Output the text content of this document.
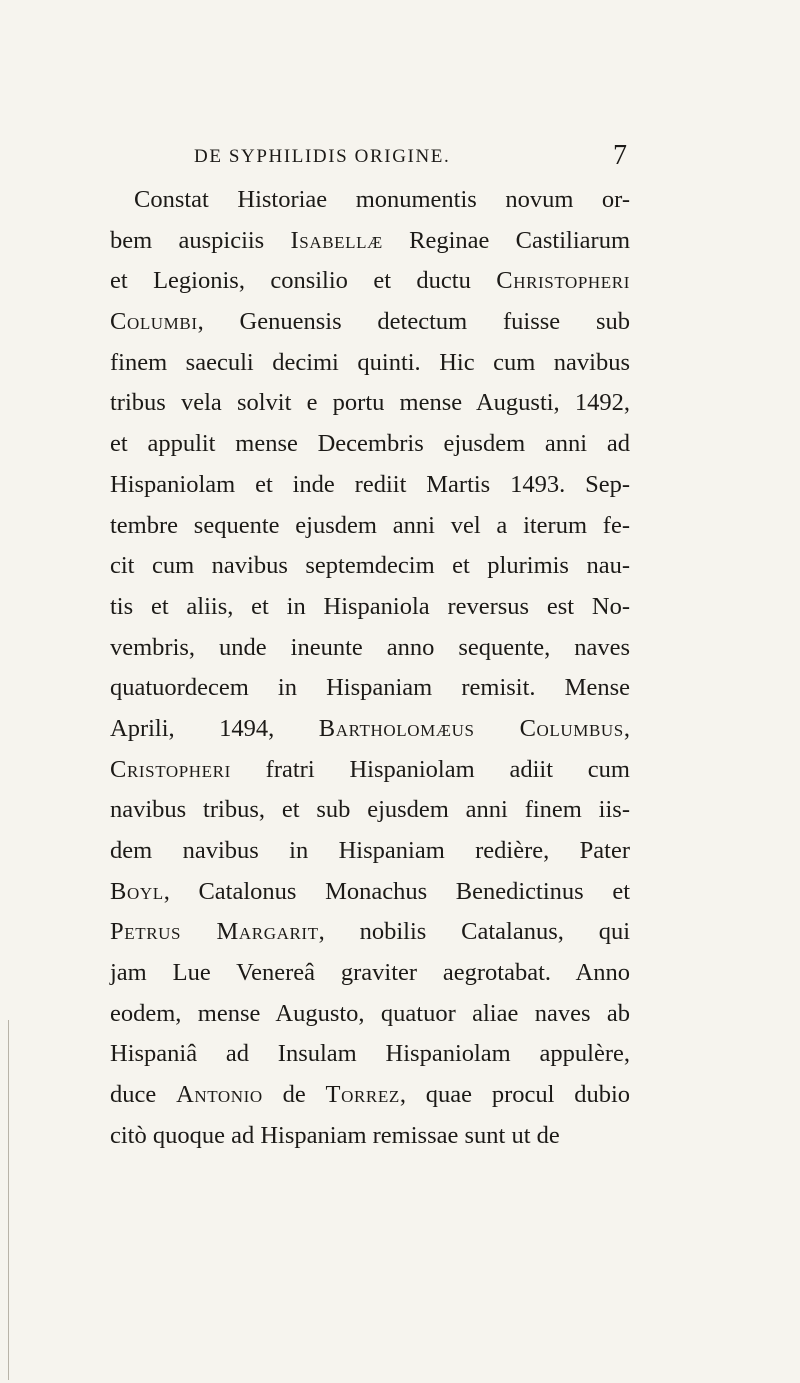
DE SYPHILIDIS ORIGINE.	7
Constat Historiae monumentis novum or-
bem auspiciis Isabellæ Reginae Castiliarum
et Legionis, consilio et ductu Christopheri
Columbi, Genuensis detectum fuisse sub
finem saeculi decimi quinti. Hic cum navibus
tribus vela solvit e portu mense Augusti, 1492,
et appulit mense Decembris ejusdem anni ad
Hispaniolam et inde rediit Martis 1493. Sep-
tembre sequente ejusdem anni vel a iterum fe-
cit cum navibus septemdecim et plurimis nau-
tis et aliis, et in Hispaniola reversus est No-
vembris, unde ineunte anno sequente, naves
quatuordecem in Hispaniam remisit. Mense
Aprili, 1494, Bartholomæus Columbus,
Cristopheri fratri Hispaniolam adiit cum
navibus tribus, et sub ejusdem anni finem iis-
dem navibus in Hispaniam redière, Pater
Boyl, Catalonus Monachus Benedictinus et
Petrus Margarit, nobilis Catalanus, qui
jam Lue Venereâ graviter aegrotabat. Anno
eodem, mense Augusto, quatuor aliae naves ab
Hispaniâ ad Insulam Hispaniolam appulère,
duce Antonio de Torrez, quae procul dubio
citò quoque ad Hispaniam remissae sunt ut de
